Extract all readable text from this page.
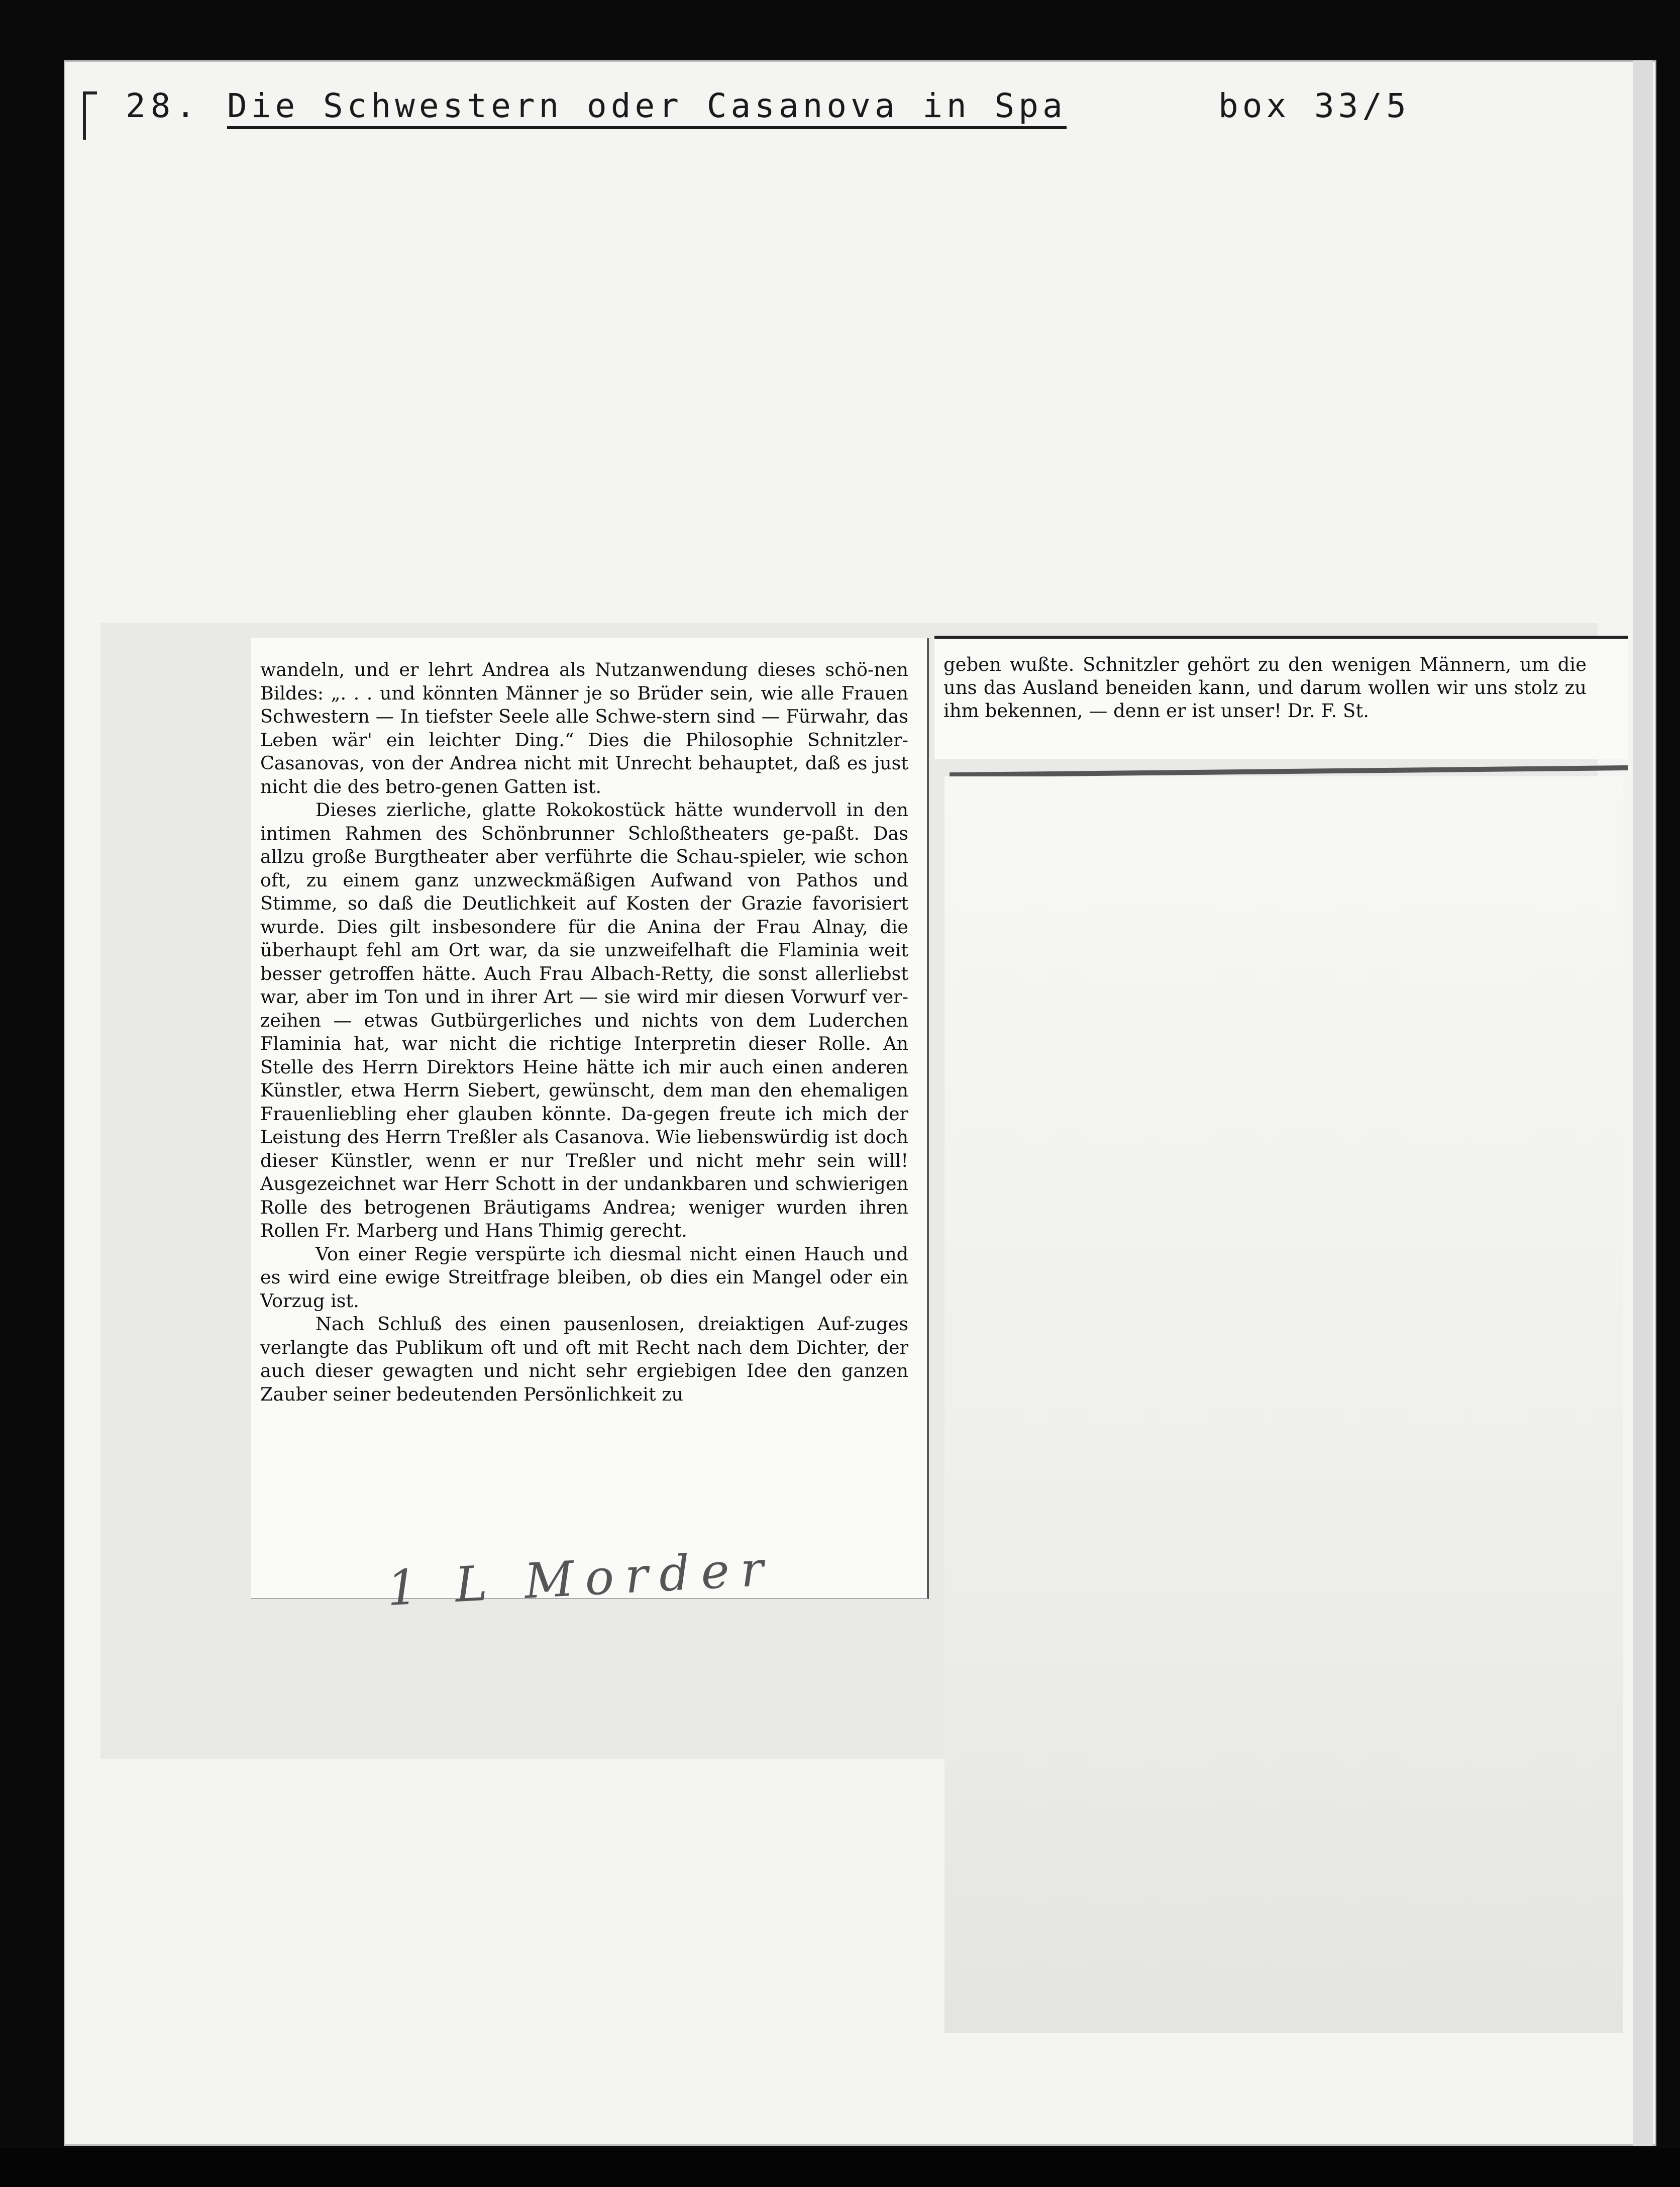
28. Die Schwestern oder Casanova in Spa	box 33/5

wandeln, und er lehrt Andrea als Nutzanwendung dieses schö-nen Bildes: „. . . und könnten Männer je so Brüder sein, wie alle Frauen Schwestern — In tiefster Seele alle Schwe-stern sind — Fürwahr, das Leben wär' ein leichter Ding.“ Dies die Philosophie Schnitzler-Casanovas, von der Andrea nicht mit Unrecht behauptet, daß es just nicht die des betro-genen Gatten ist.

Dieses zierliche, glatte Rokokostück hätte wundervoll in den intimen Rahmen des Schönbrunner Schloßtheaters ge-paßt. Das allzu große Burgtheater aber verführte die Schau-spieler, wie schon oft, zu einem ganz unzweckmäßigen Aufwand von Pathos und Stimme, so daß die Deutlichkeit auf Kosten der Grazie favorisiert wurde. Dies gilt insbesondere für die Anina der Frau Alnay, die überhaupt fehl am Ort war, da sie unzweifelhaft die Flaminia weit besser getroffen hätte. Auch Frau Albach-Retty, die sonst allerliebst war, aber im Ton und in ihrer Art — sie wird mir diesen Vorwurf ver-zeihen — etwas Gutbürgerliches und nichts von dem Luderchen Flaminia hat, war nicht die richtige Interpretin dieser Rolle. An Stelle des Herrn Direktors Heine hätte ich mir auch einen anderen Künstler, etwa Herrn Siebert, gewünscht, dem man den ehemaligen Frauenliebling eher glauben könnte. Da-gegen freute ich mich der Leistung des Herrn Treßler als Casanova. Wie liebenswürdig ist doch dieser Künstler, wenn er nur Treßler und nicht mehr sein will! Ausgezeichnet war Herr Schott in der undankbaren und schwierigen Rolle des betrogenen Bräutigams Andrea; weniger wurden ihren Rollen Fr. Marberg und Hans Thimig gerecht.

Von einer Regie verspürte ich diesmal nicht einen Hauch und es wird eine ewige Streitfrage bleiben, ob dies ein Mangel oder ein Vorzug ist.

Nach Schluß des einen pausenlosen, dreiaktigen Auf-zuges verlangte das Publikum oft und oft mit Recht nach dem Dichter, der auch dieser gewagten und nicht sehr ergiebigen Idee den ganzen Zauber seiner bedeutenden Persönlichkeit zu

geben wußte. Schnitzler gehört zu den wenigen Männern, um die uns das Ausland beneiden kann, und darum wollen wir uns stolz zu ihm bekennen, — denn er ist unser! Dr. F. St.
1 L Morder
